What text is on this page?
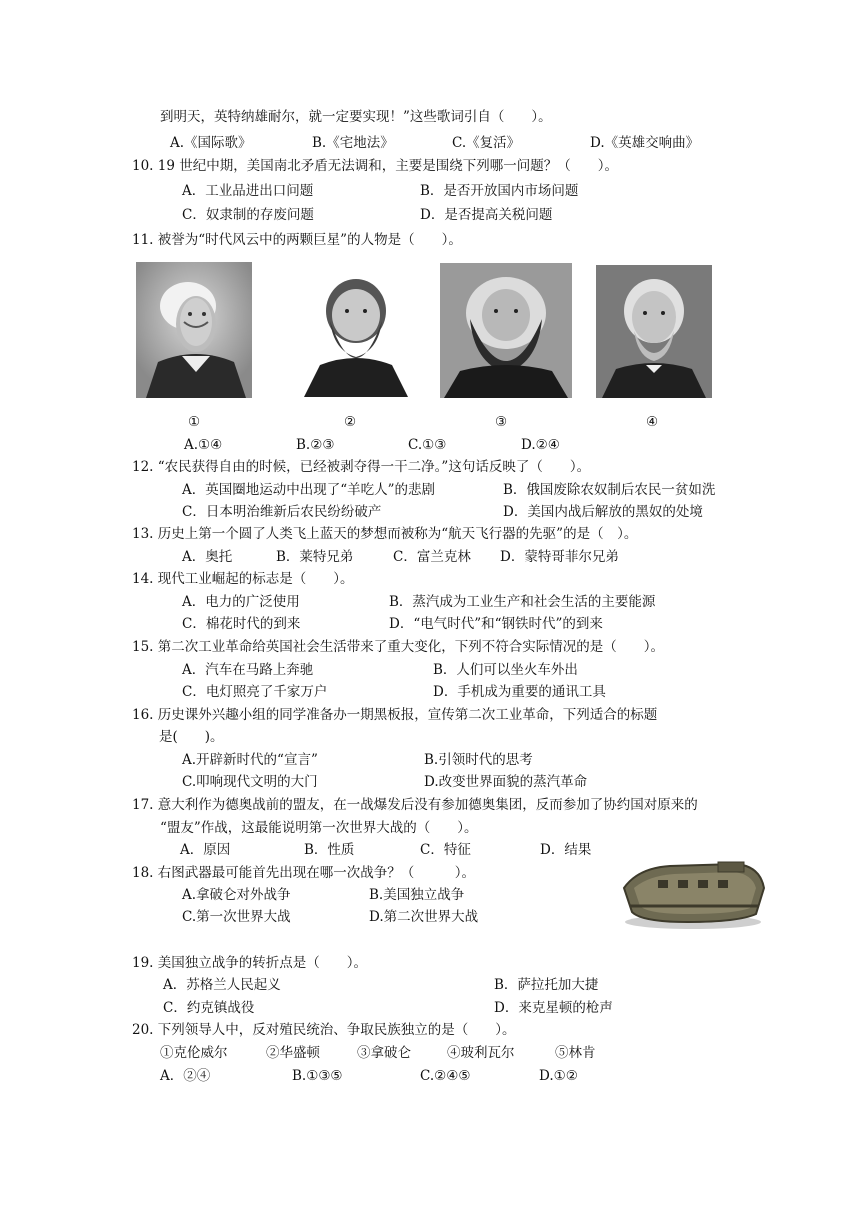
到明天，英特纳雄耐尔，就一定要实现！”这些歌词引自（　　）。
A.《国际歌》	B.《宅地法》	C.《复活》	D.《英雄交响曲》
10. 19 世纪中期，美国南北矛盾无法调和，主要是围绕下列哪一问题？（　　）。
A．工业品进出口问题	B．是否开放国内市场问题
C．奴隶制的存废问题	D．是否提高关税问题
11. 被誉为“时代风云中的两颗巨星”的人物是（　　）。
①	②	③	④
A.①④	B.②③	C.①③	D.②④
12. “农民获得自由的时候，已经被剥夺得一干二净。”这句话反映了（　　）。
A．英国圈地运动中出现了“羊吃人”的悲剧	B．俄国废除农奴制后农民一贫如洗
C．日本明治维新后农民纷纷破产	D．美国内战后解放的黑奴的处境
13. 历史上第一个圆了人类飞上蓝天的梦想而被称为“航天飞行器的先驱”的是（　）。
A．奥托	B．莱特兄弟	C．富兰克林 D．蒙特哥菲尔兄弟
14. 现代工业崛起的标志是（　　）。
A．电力的广泛使用	B．蒸汽成为工业生产和社会生活的主要能源
C．棉花时代的到来	D．“电气时代”和“钢铁时代”的到来
15. 第二次工业革命给英国社会生活带来了重大变化，下列不符合实际情况的是（　　）。
A．汽车在马路上奔驰	B．人们可以坐火车外出
C．电灯照亮了千家万户	D．手机成为重要的通讯工具
16. 历史课外兴趣小组的同学准备办一期黑板报，宣传第二次工业革命，下列适合的标题
是(　　)。
A.开辟新时代的“宣言”	B.引领时代的思考
C.叩响现代文明的大门	D.改变世界面貌的蒸汽革命
17. 意大利作为德奥战前的盟友，在一战爆发后没有参加德奥集团，反而参加了协约国对原来的
“盟友”作战，这最能说明第一次世界大战的（　　）。
A．原因	B．性质	C．特征	D．结果
18. 右图武器最可能首先出现在哪一次战争？（　　　）。
A.拿破仑对外战争	B.美国独立战争
C.第一次世界大战	D.第二次世界大战
19. 美国独立战争的转折点是（　　）。
A．苏格兰人民起义	B．萨拉托加大捷
C．约克镇战役	D．来克星顿的枪声
20. 下列领导人中，反对殖民统治、争取民族独立的是（　　）。
①克伦威尔	②华盛顿	③拿破仑	④玻利瓦尔	⑤林肯
A．②④	B.①③⑤	C.②④⑤	D.①②
